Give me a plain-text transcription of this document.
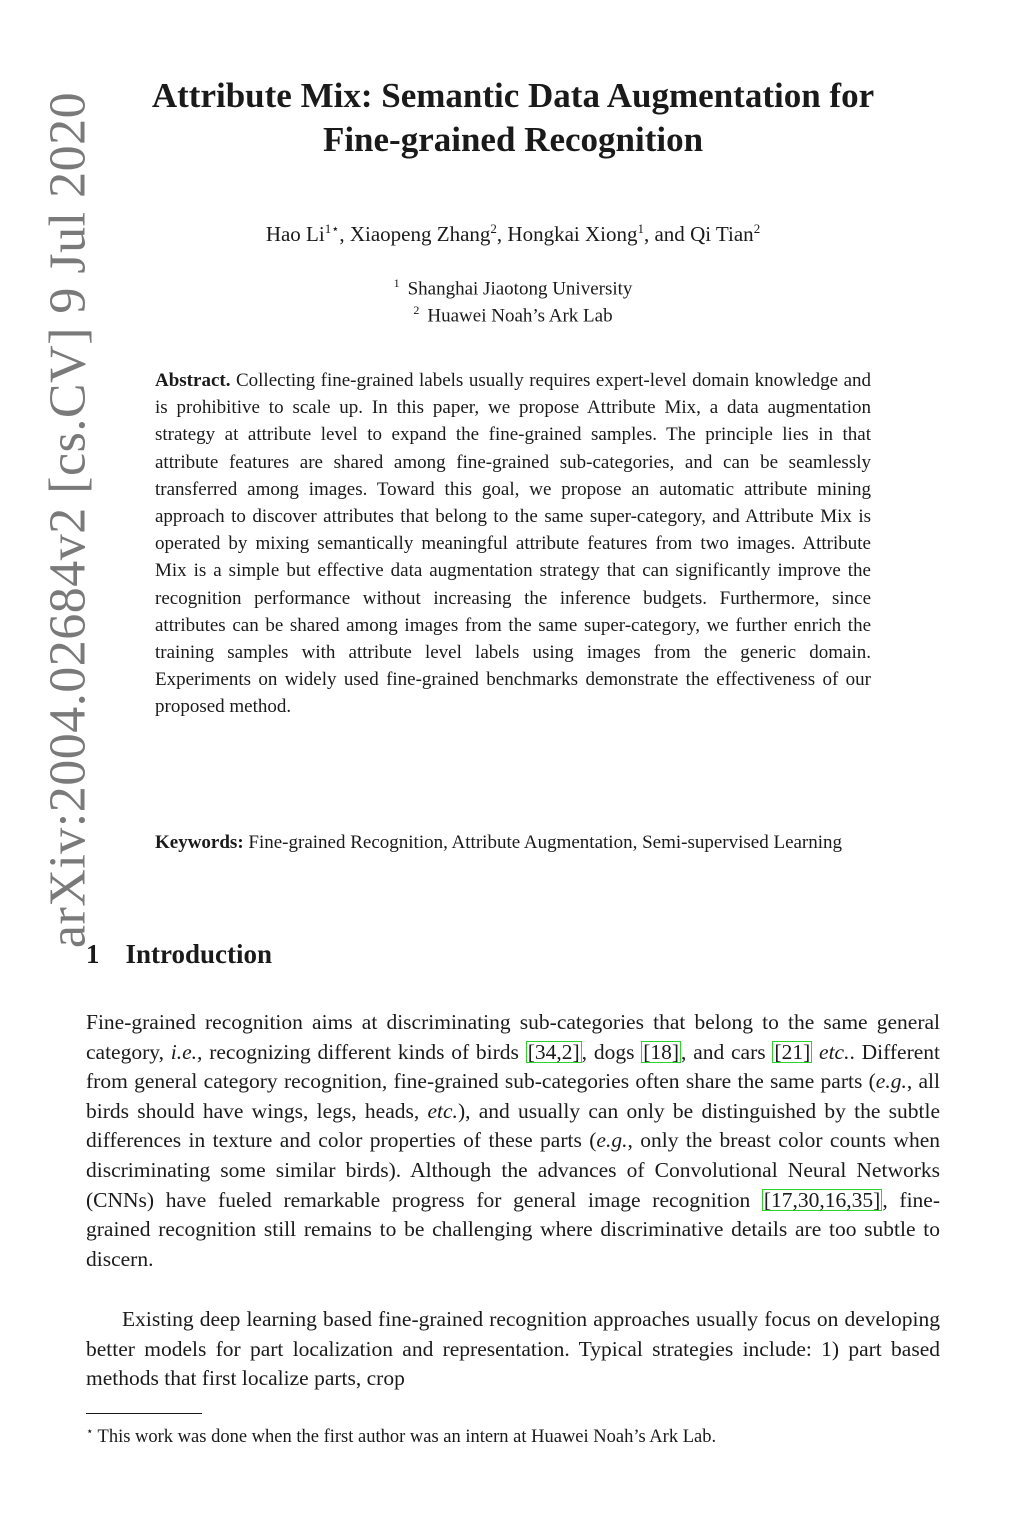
arXiv:2004.02684v2 [cs.CV] 9 Jul 2020	Attribute Mix: Semantic Data Augmentation for
Fine-grained Recognition
Hao $Li^{1⋆}$, Xiaopeng Zhang$^2$, Hongkai Xiong$^1$, and Qi Tian$^2$
$^1$ Shanghai Jiaotong University
$^2$ Huawei Noah’s Ark Lab
Abstract. Collecting fine-grained labels usually requires expert-level domain knowledge and is prohibitive to scale up. In this paper, we propose Attribute Mix, a data augmentation strategy at attribute level to expand the fine-grained samples. The principle lies in that attribute features are shared among fine-grained sub-categories, and can be seamlessly transferred among images. Toward this goal, we propose an automatic attribute mining approach to discover attributes that belong to the same super-category, and Attribute Mix is operated by mixing semantically meaningful attribute features from two images. Attribute Mix is a simple but effective data augmentation strategy that can significantly improve the recognition performance without increasing the inference budgets. Furthermore, since attributes can be shared among images from the same super-category, we further enrich the training samples with attribute level labels using images from the generic domain. Experiments on widely used fine-grained benchmarks demonstrate the effectiveness of our proposed method.
Keywords: Fine-grained Recognition, Attribute Augmentation, Semi-supervised Learning
1 Introduction

Fine-grained recognition aims at discriminating sub-categories that belong to the same general category, i.e., recognizing different kinds of birds [34,2], dogs [18], and cars [21] etc.. Different from general category recognition, fine-grained sub-categories often share the same parts (e.g., all birds should have wings, legs, heads, etc.), and usually can only be distinguished by the subtle differences in texture and color properties of these parts (e.g., only the breast color counts when discriminating some similar birds). Although the advances of Convolutional Neural Networks (CNNs) have fueled remarkable progress for general image recognition [17,30,16,35], fine-grained recognition still remains to be challenging where discriminative details are too subtle to discern.

Existing deep learning based fine-grained recognition approaches usually focus on developing better models for part localization and representation. Typical strategies include: 1) part based methods that first localize parts, crop

⋆ This work was done when the first author was an intern at Huawei Noah’s Ark Lab.
